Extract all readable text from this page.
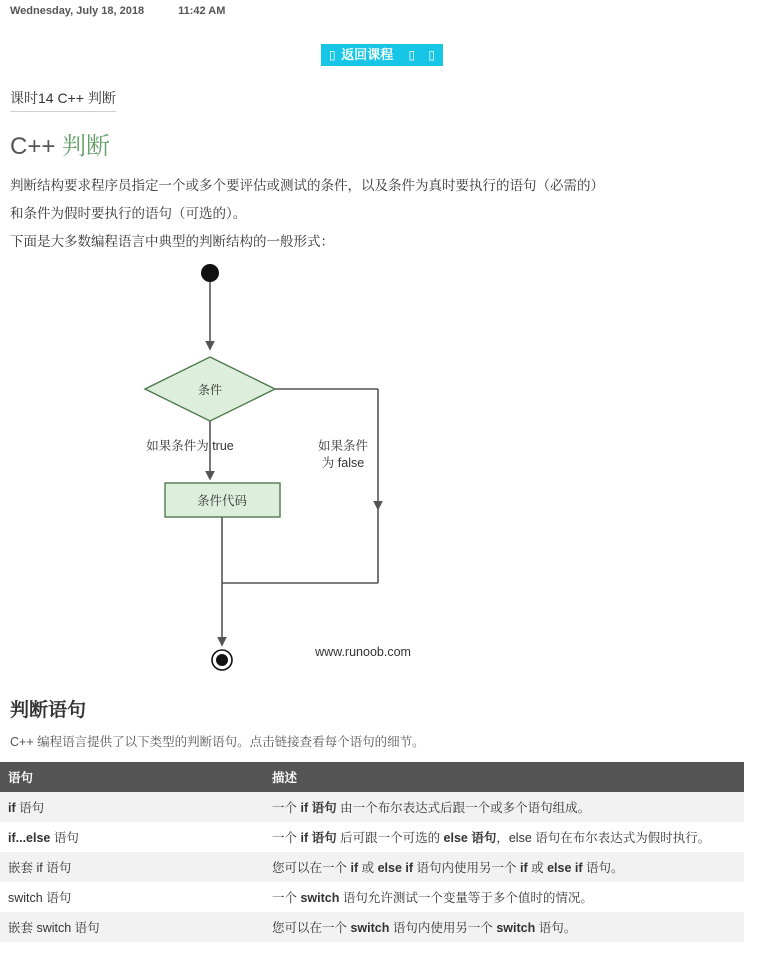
Wednesday, July 18, 2018	11:42 AM
▯ 返回课程 ▯ ▯
课时14 C++ 判断
C++ 判断

判断结构要求程序员指定一个或多个要评估或测试的条件，以及条件为真时要执行的语句（必需的）

和条件为假时要执行的语句（可选的）。

下面是大多数编程语言中典型的判断结构的一般形式：

条件
如果条件为 true	如果条件
为 false
条件代码
www.runoob.com
判断语句

C++ 编程语言提供了以下类型的判断语句。点击链接查看每个语句的细节。

语句	描述
if 语句	一个 if 语句 由一个布尔表达式后跟一个或多个语句组成。
if...else 语句	一个 if 语句 后可跟一个可选的 else 语句，else 语句在布尔表达式为假时执行。
嵌套 if 语句	您可以在一个 if 或 else if 语句内使用另一个 if 或 else if 语句。
switch 语句	一个 switch 语句允许测试一个变量等于多个值时的情况。
嵌套 switch 语句	您可以在一个 switch 语句内使用另一个 switch 语句。
